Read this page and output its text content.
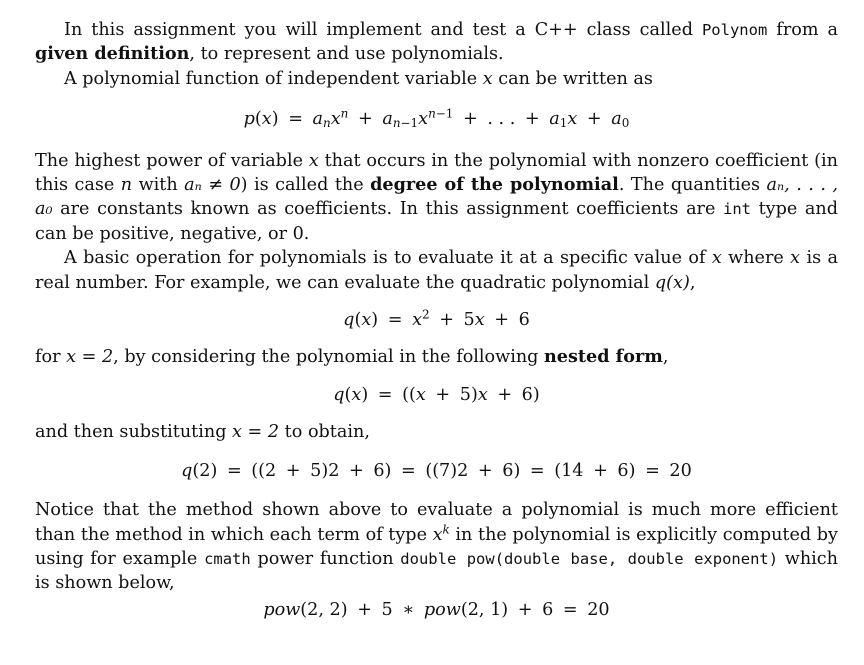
In this assignment you will implement and test a C++ class called Polynom from a given definition, to represent and use polynomials.

A polynomial function of independent variable x can be written as

$p(x) = a_nx^n + a_{n-1}x^{n-1}$ + . . . + $a_1x + a_0$

The highest power of variable x that occurs in the polynomial with nonzero coefficient (in this case n with aₙ ≠ 0) is called the degree of the polynomial. The quantities aₙ, . . . , a₀ are constants known as coefficients. In this assignment coefficients are int type and can be positive, negative, or 0.

A basic operation for polynomials is to evaluate it at a specific value of x where x is a real number. For example, we can evaluate the quadratic polynomial q(x),

$q(x) = x^2 + 5x + 6$

for x = 2, by considering the polynomial in the following nested form,

q(x) = ((x + 5)x + 6)

and then substituting x = 2 to obtain,

q(2) = ((2 + 5)2 + 6) = ((7)2 + 6) = (14 + 6) = 20

Notice that the method shown above to evaluate a polynomial is much more efficient than the method in which each term of type $x^k$ in the polynomial is explicitly computed by using for example cmath power function double pow(double base, double exponent) which is shown below,

pow(2, 2) + 5 ∗ pow(2, 1) + 6 = 20
